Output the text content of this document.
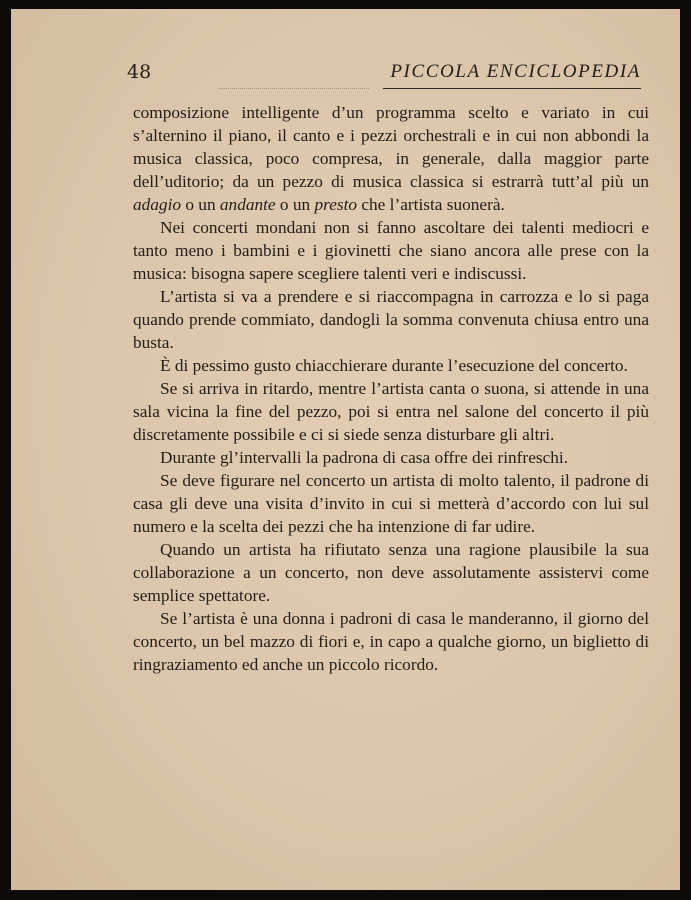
48	PICCOLA ENCICLOPEDIA

composizione intelligente d’un programma scelto e variato in cui s’alternino il piano, il canto e i pezzi orchestrali e in cui non abbondi la musica classica, poco compresa, in generale, dalla maggior parte dell’uditorio; da un pezzo di musica classica si estrarrà tutt’al più un adagio o un andante o un presto che l’artista suonerà.

Nei concerti mondani non si fanno ascoltare dei talenti mediocri e tanto meno i bambini e i giovinetti che siano ancora alle prese con la musica: bisogna sapere scegliere talenti veri e indiscussi.

L’artista si va a prendere e si riaccompagna in carrozza e lo si paga quando prende commiato, dandogli la somma convenuta chiusa entro una busta.

È di pessimo gusto chiacchierare durante l’esecuzione del concerto.

Se si arriva in ritardo, mentre l’artista canta o suona, si attende in una sala vicina la fine del pezzo, poi si entra nel salone del concerto il più discretamente possibile e ci si siede senza disturbare gli altri.

Durante gl’intervalli la padrona di casa offre dei rinfreschi.

Se deve figurare nel concerto un artista di molto talento, il padrone di casa gli deve una visita d’invito in cui si metterà d’accordo con lui sul numero e la scelta dei pezzi che ha intenzione di far udire.

Quando un artista ha rifiutato senza una ragione plausibile la sua collaborazione a un concerto, non deve assolutamente assistervi come semplice spettatore.

Se l’artista è una donna i padroni di casa le manderanno, il giorno del concerto, un bel mazzo di fiori e, in capo a qualche giorno, un biglietto di ringraziamento ed anche un piccolo ricordo.
